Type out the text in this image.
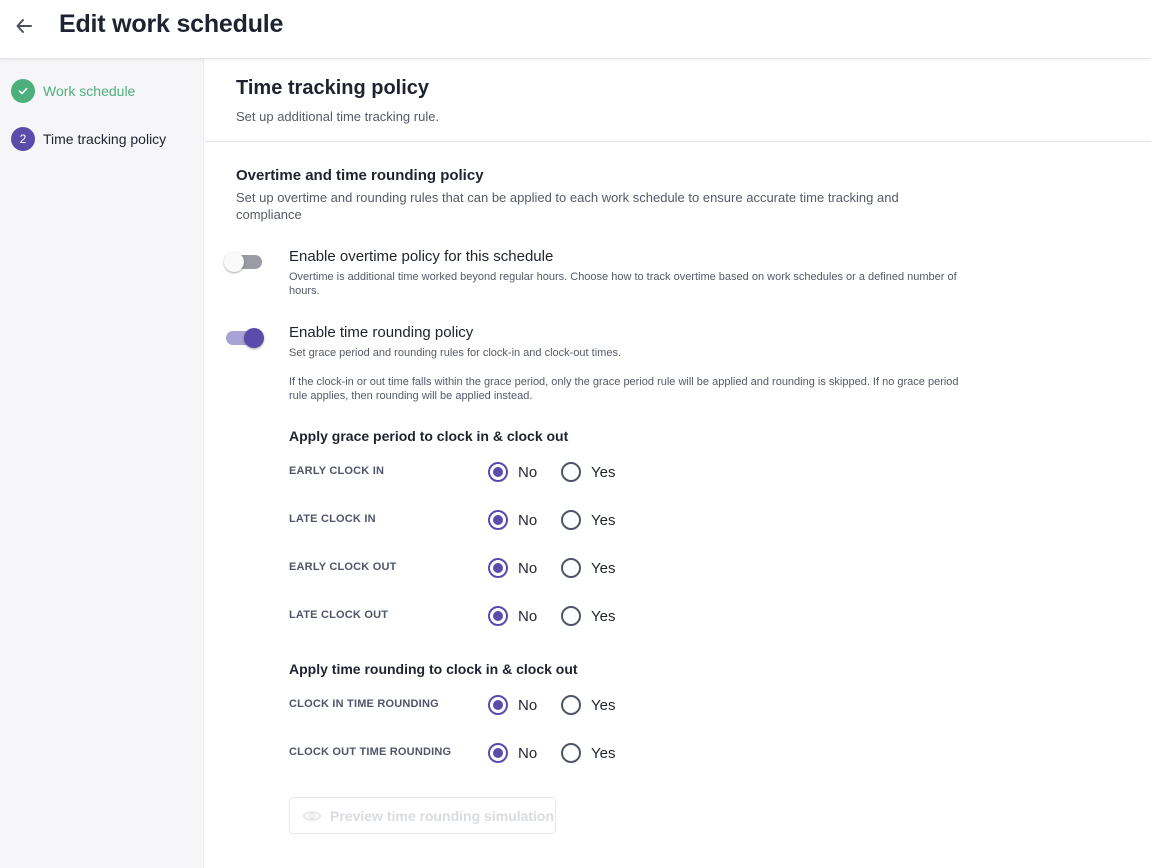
Edit work schedule
Work schedule
2	Time tracking policy
Time tracking policy
Set up additional time tracking rule.
Overtime and time rounding policy
Set up overtime and rounding rules that can be applied to each work schedule to ensure accurate time tracking and compliance
Enable overtime policy for this schedule
Overtime is additional time worked beyond regular hours. Choose how to track overtime based on work schedules or a defined number of hours.
Enable time rounding policy
Set grace period and rounding rules for clock-in and clock-out times.
If the clock-in or out time falls within the grace period, only the grace period rule will be applied and rounding is skipped. If no grace period rule applies, then rounding will be applied instead.
Apply grace period to clock in & clock out
EARLY CLOCK IN	No	Yes
LATE CLOCK IN	No	Yes
EARLY CLOCK OUT	No	Yes
LATE CLOCK OUT	No	Yes
Apply time rounding to clock in & clock out
CLOCK IN TIME ROUNDING	No	Yes
CLOCK OUT TIME ROUNDING	No	Yes
Preview time rounding simulation
